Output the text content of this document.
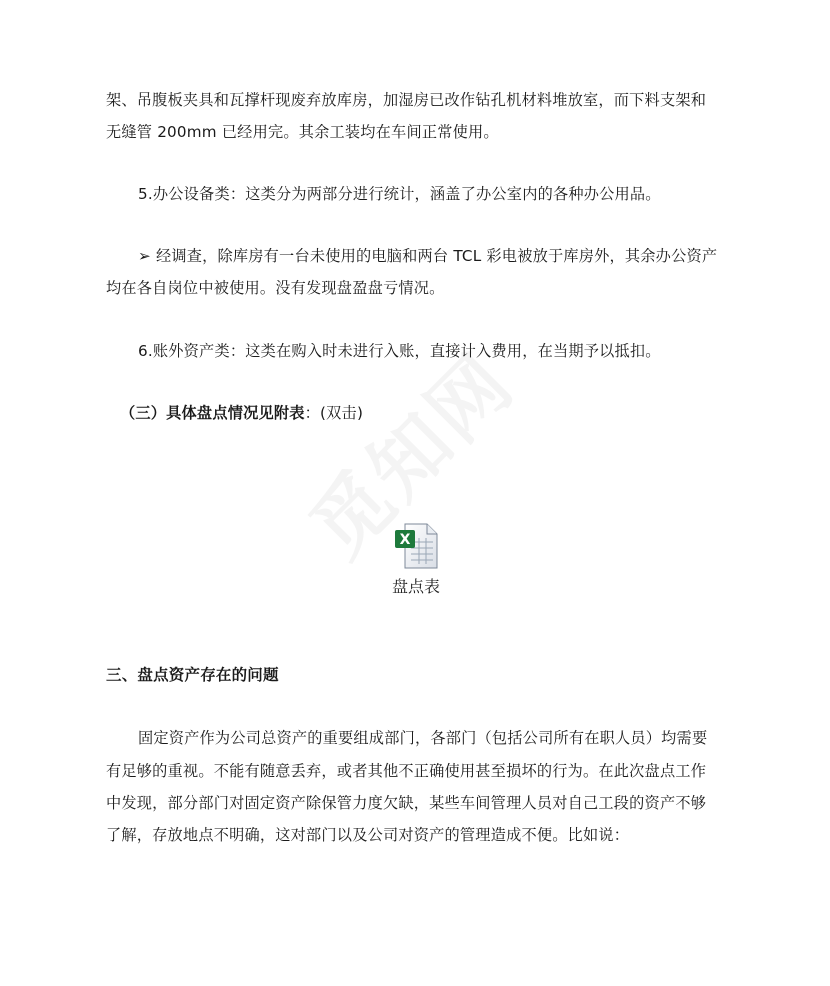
架、吊腹板夹具和瓦撑杆现废弃放库房，加湿房已改作钻孔机材料堆放室，而下料支架和
无缝管 200mm 已经用完。其余工装均在车间正常使用。
5.办公设备类：这类分为两部分进行统计，涵盖了办公室内的各种办公用品。
➢ 经调查，除库房有一台未使用的电脑和两台 TCL 彩电被放于库房外，其余办公资产
均在各自岗位中被使用。没有发现盘盈盘亏情况。
6.账外资产类：这类在购入时未进行入账，直接计入费用，在当期予以抵扣。
（三）具体盘点情况见附表：(双击)
X
盘点表
三、盘点资产存在的问题
固定资产作为公司总资产的重要组成部门，各部门（包括公司所有在职人员）均需要
有足够的重视。不能有随意丢弃，或者其他不正确使用甚至损坏的行为。在此次盘点工作
中发现，部分部门对固定资产除保管力度欠缺，某些车间管理人员对自己工段的资产不够
了解，存放地点不明确，这对部门以及公司对资产的管理造成不便。比如说：
